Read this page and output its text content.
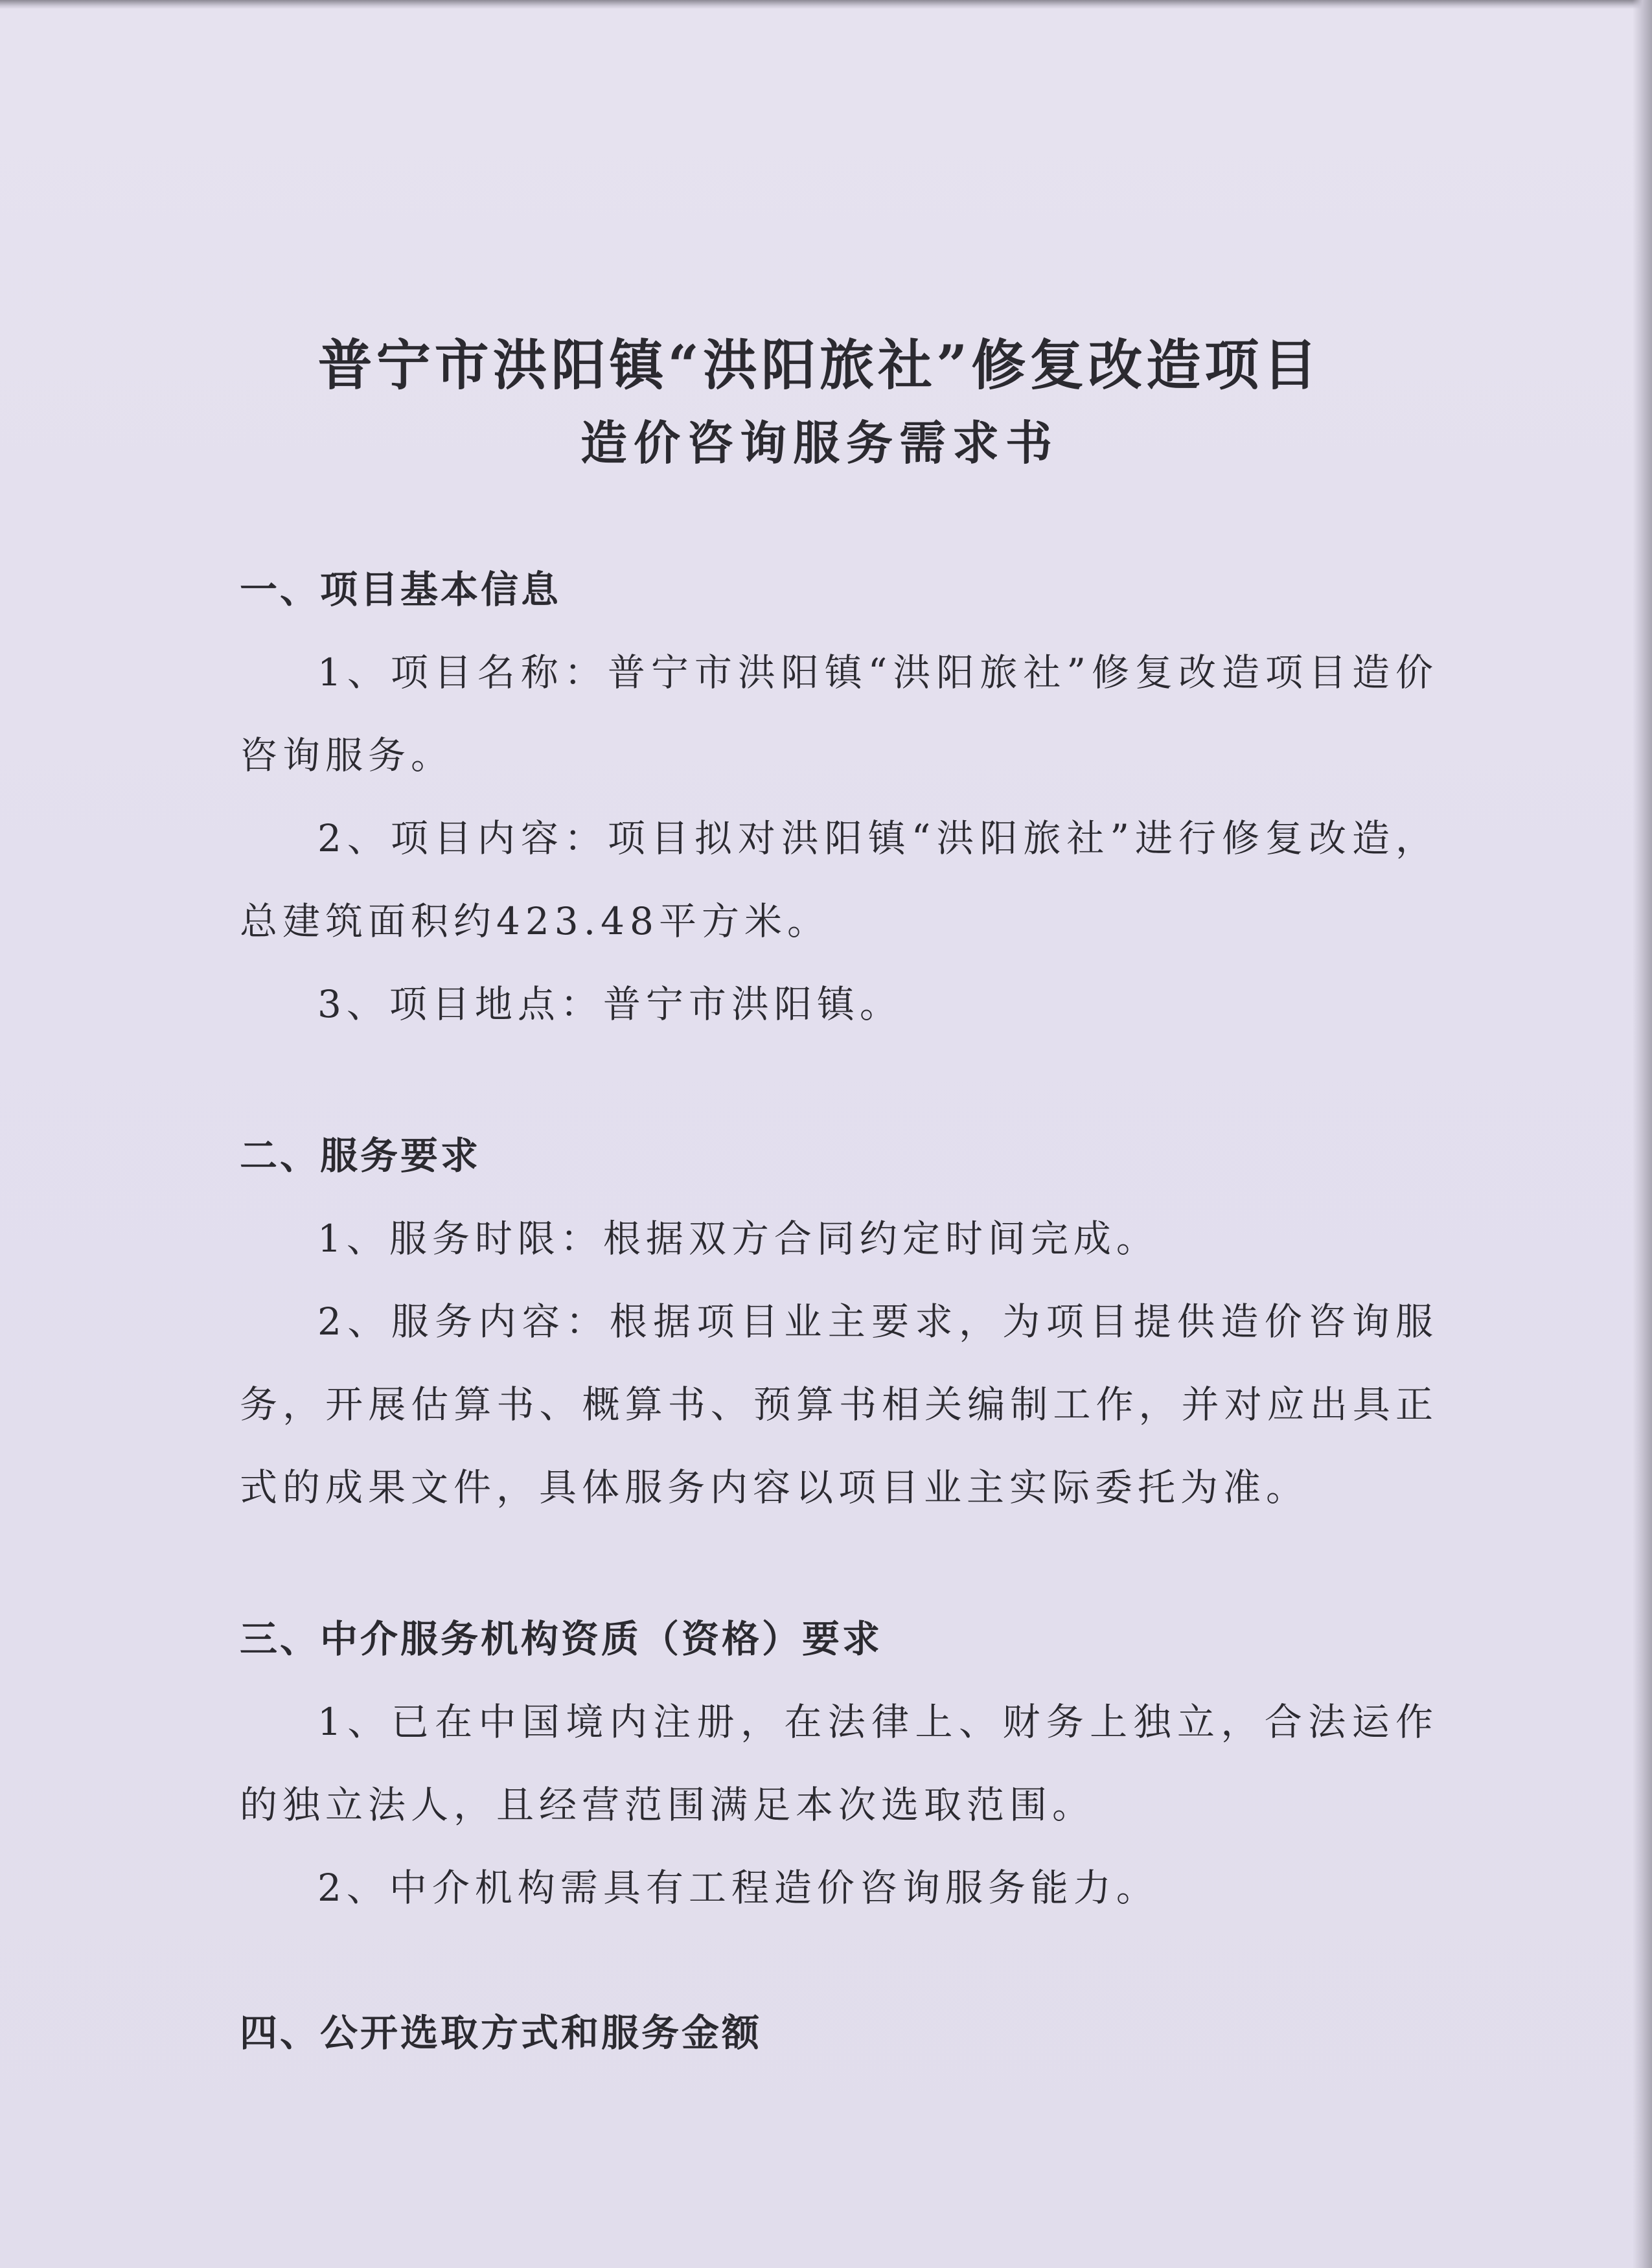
普宁市洪阳镇“洪阳旅社”修复改造项目
造价咨询服务需求书

一、项目基本信息

1、项目名称：普宁市洪阳镇“洪阳旅社”修复改造项目造价咨询服务。

2、项目内容：项目拟对洪阳镇“洪阳旅社”进行修复改造，总建筑面积约423.48平方米。

3、项目地点：普宁市洪阳镇。

二、服务要求

1、服务时限：根据双方合同约定时间完成。

2、服务内容：根据项目业主要求，为项目提供造价咨询服务，开展估算书、概算书、预算书相关编制工作，并对应出具正式的成果文件，具体服务内容以项目业主实际委托为准。

三、中介服务机构资质（资格）要求

1、已在中国境内注册，在法律上、财务上独立，合法运作的独立法人，且经营范围满足本次选取范围。

2、中介机构需具有工程造价咨询服务能力。

四、公开选取方式和服务金额
